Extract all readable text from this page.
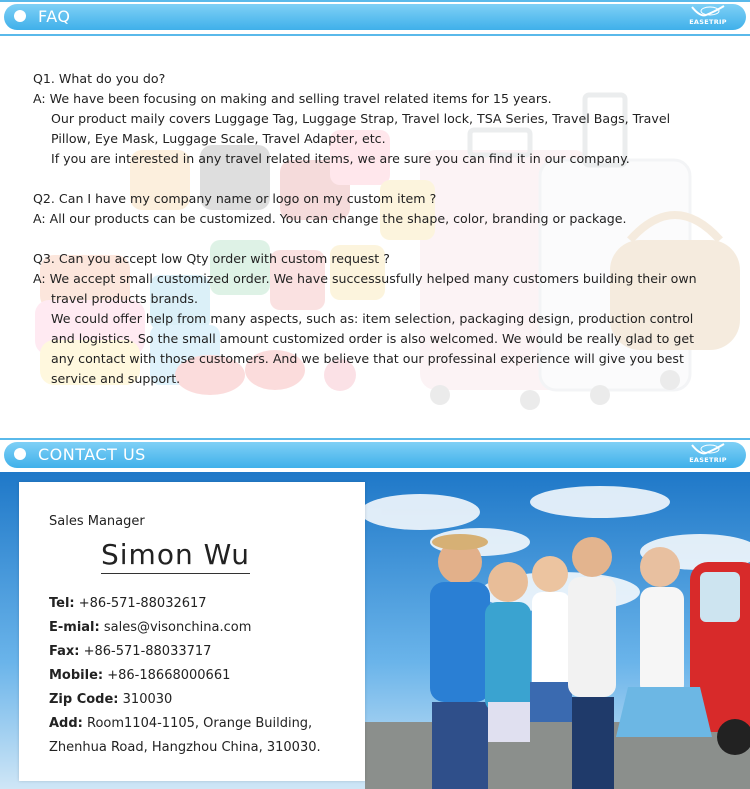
FAQ	EASETRIP

Q1. What do you do?

A: We have been focusing on making and selling travel related items for 15 years.
Our product maily covers Luggage Tag, Luggage Strap, Travel lock, TSA Series, Travel Bags, Travel
Pillow, Eye Mask, Luggage Scale, Travel Adapter, etc.
If you are interested in any travel related items, we are sure you can find it in our company.

Q2. Can I have my company name or logo on my custom item ?

A: All our products can be customized. You can change the shape, color, branding or package.

Q3. Can you accept low Qty order with custom request ?

A: We accept small customized order. We have successusfully helped many customers building their own
travel products brands.
We could offer help from many aspects, such as: item selection, packaging design, production control
and logistics. So the small amount customized order is also welcomed. We would be really glad to get
any contact with those customers. And we believe that our professinal experience will give you best
service and support.

CONTACT US	EASETRIP
Sales Manager
Simon Wu
Tel: +86-571-88032617
E-mial: sales@visonchina.com
Fax: +86-571-88033717
Mobile: +86-18668000661
Zip Code: 310030
Add: Room1104-1105, Orange Building,
Zhenhua Road, Hangzhou China, 310030.
